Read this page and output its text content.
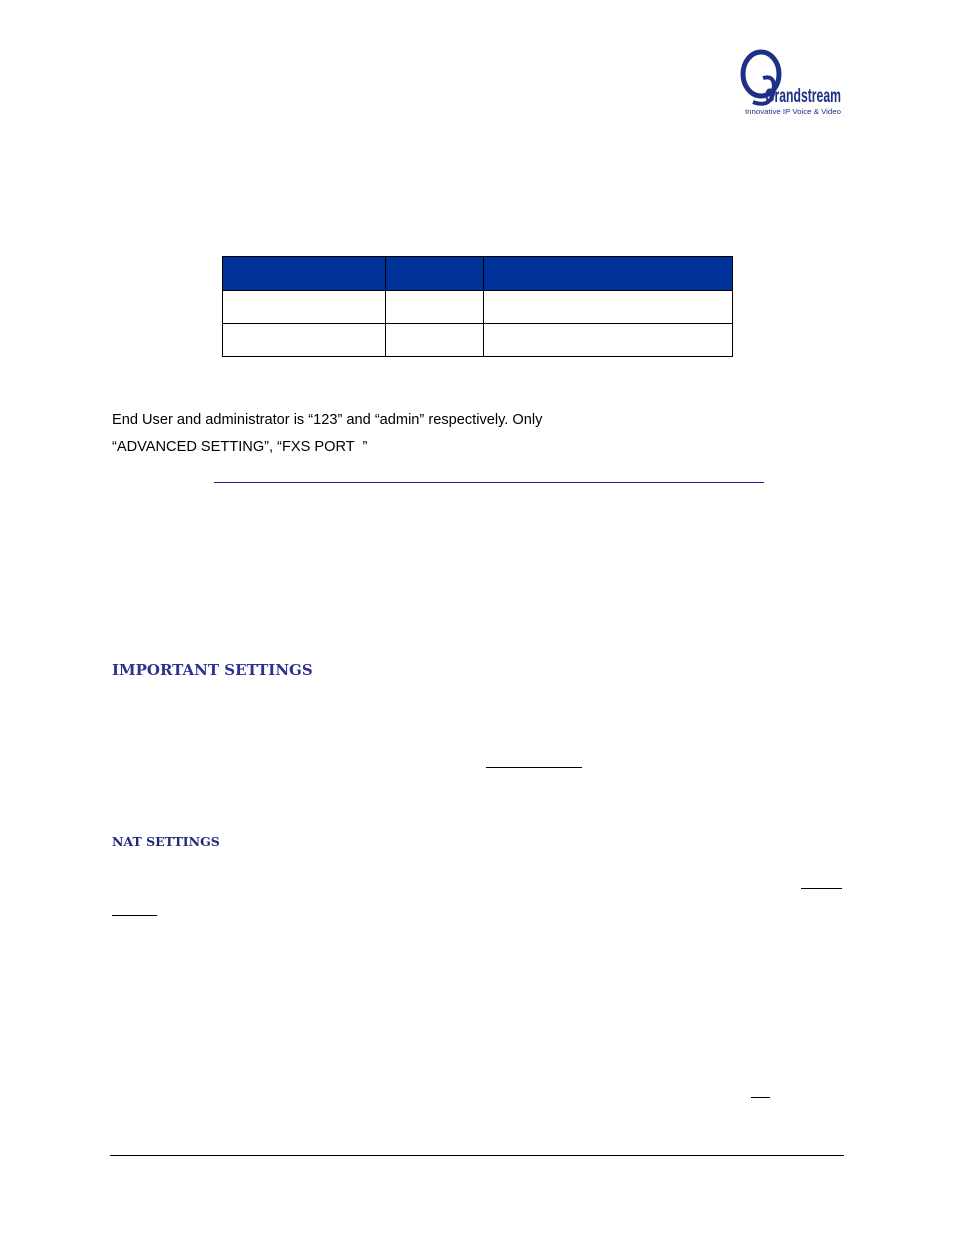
Grandstream
Innovative IP Voice & Video

End User and administrator is “123” and “admin” respectively. Only
“ADVANCED SETTING”, “FXS PORT  ”
IMPORTANT SETTINGS
NAT SETTINGS
